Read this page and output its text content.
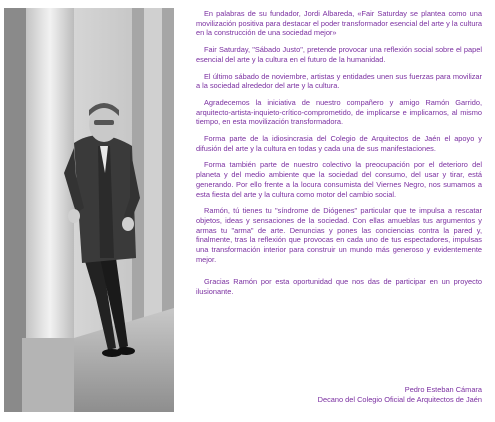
En palabras de su fundador, Jordi Albareda, «Fair Saturday se plantea como una movilización positiva para destacar el poder transformador esencial del arte y la cultura en la construcción de una sociedad mejor»

Fair Saturday, "Sábado Justo", pretende provocar una reflexión social sobre el papel esencial del arte y la cultura en el futuro de la humanidad.

El último sábado de noviembre, artistas y entidades unen sus fuerzas para movilizar a la sociedad alrededor del arte y la cultura.

Agradecemos la iniciativa de nuestro compañero y amigo Ramón Garrido, arquitecto-artista-inquieto-crítico-comprometido, de implicarse e implicarnos, al mismo tiempo, en esta movilización transformadora.

Forma parte de la idiosincrasia del Colegio de Arquitectos de Jaén el apoyo y difusión del arte y la cultura en todas y cada una de sus manifestaciones.

Forma también parte de nuestro colectivo la preocupación por el deterioro del planeta y del medio ambiente que la sociedad del consumo, del usar y tirar, está generando. Por ello frente a la locura consumista del Viernes Negro, nos sumamos a esta fiesta del arte y la cultura como motor del cambio social.

Ramón, tú tienes tu "síndrome de Diógenes" particular que te impulsa a rescatar objetos, ideas y sensaciones de la sociedad. Con ellas amueblas tus argumentos y armas tu "arma" de arte. Denuncias y pones las conciencias contra la pared y, finalmente, tras la reflexión que provocas en cada uno de tus espectadores, impulsas una transformación interior para construir un mundo más generoso y evidentemente mejor.

Gracias Ramón por esta oportunidad que nos das de participar en un proyecto ilusionante.

Pedro Esteban Cámara
Decano del Colegio Oficial de Arquitectos de Jaén
